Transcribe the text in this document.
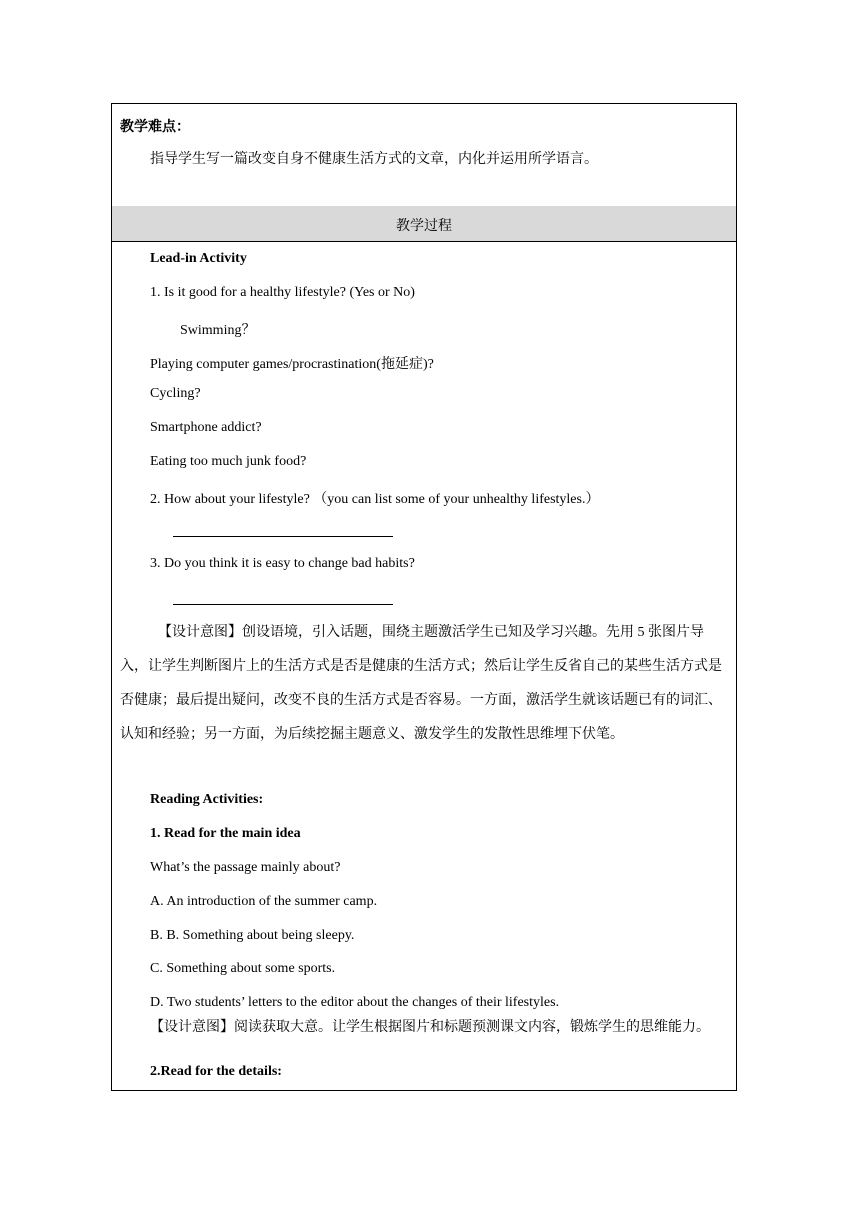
教学难点：
指导学生写一篇改变自身不健康生活方式的文章，内化并运用所学语言。
教学过程
Lead-in Activity
1. Is it good for a healthy lifestyle? (Yes or No)
Swimming？
Playing computer games/procrastination(拖延症)?
Cycling?
Smartphone addict?
Eating too much junk food?
2. How about your lifestyle? （you can list some of your unhealthy lifestyles.）
3. Do you think it is easy to change bad habits?
【设计意图】创设语境，引入话题，围绕主题激活学生已知及学习兴趣。先用 5 张图片导入，让学生判断图片上的生活方式是否是健康的生活方式；然后让学生反省自己的某些生活方式是否健康；最后提出疑问，改变不良的生活方式是否容易。一方面，激活学生就该话题已有的词汇、认知和经验；另一方面，为后续挖掘主题意义、激发学生的发散性思维埋下伏笔。
Reading Activities:
1. Read for the main idea
What’s the passage mainly about?
A. An introduction of the summer camp.
B. B. Something about being sleepy.
C. Something about some sports.
D. Two students’ letters to the editor about the changes of their lifestyles.
【设计意图】阅读获取大意。让学生根据图片和标题预测课文内容，锻炼学生的思维能力。
2.Read for the details:
